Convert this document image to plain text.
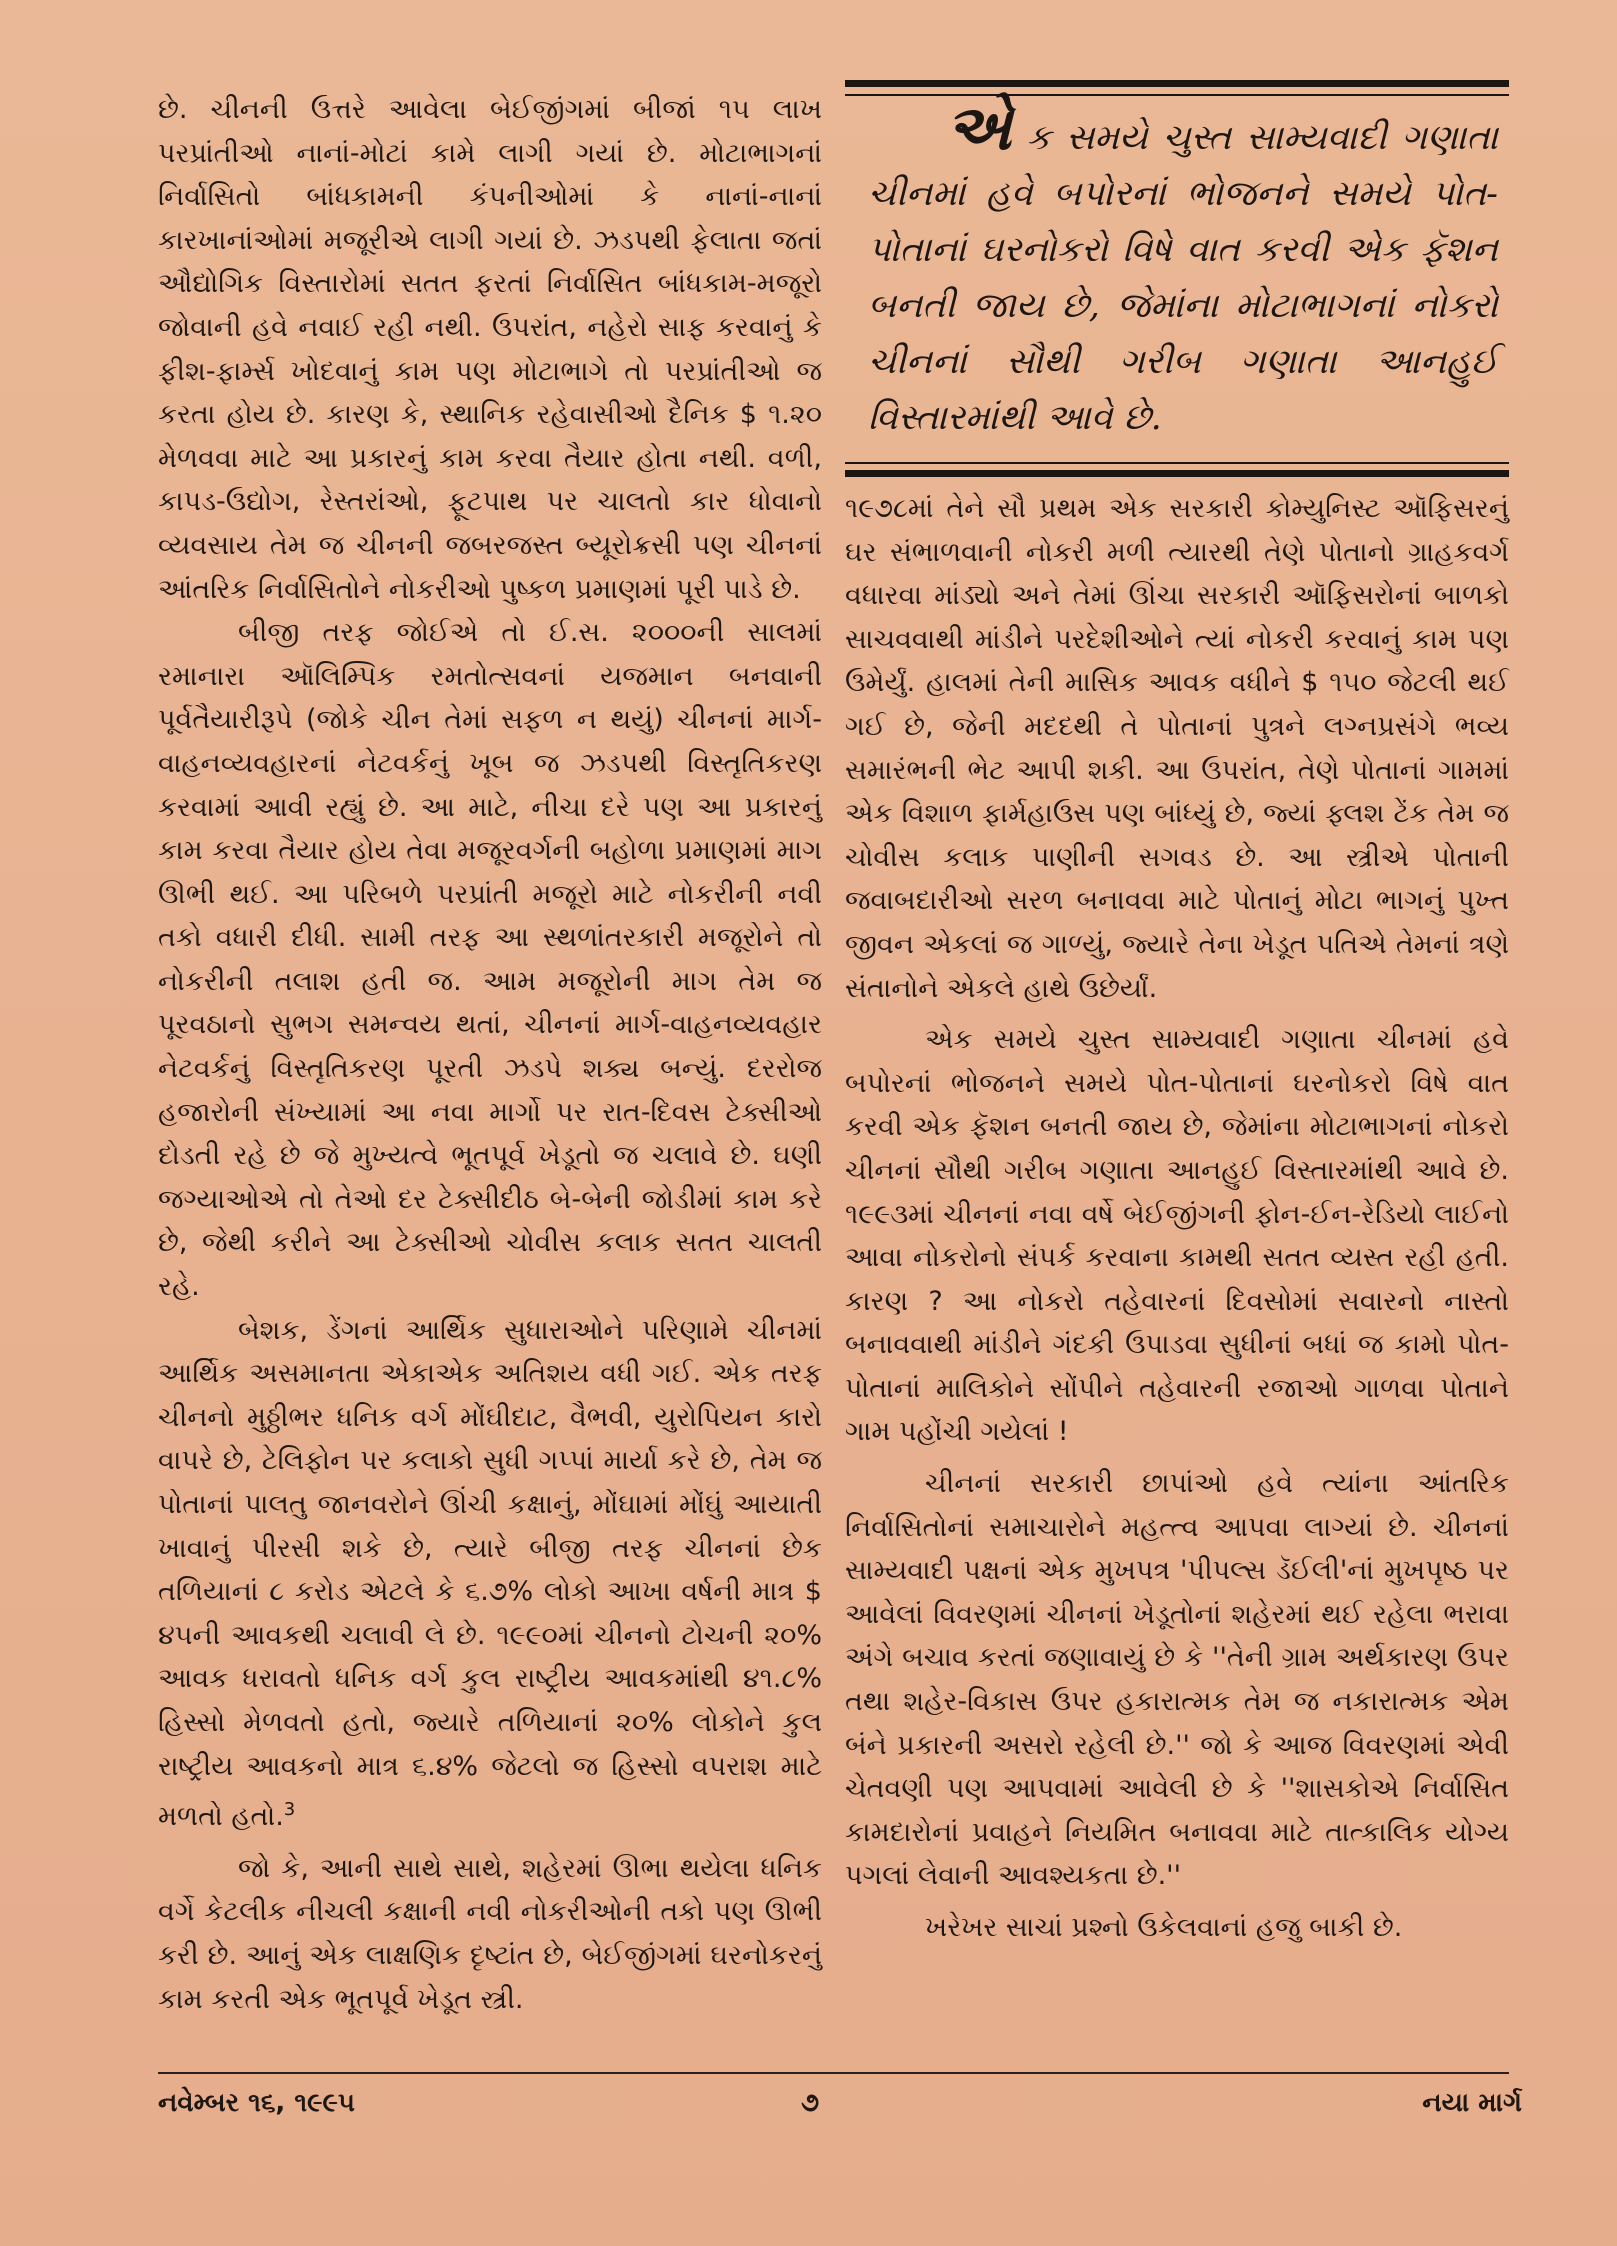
છે. ચીનની ઉત્તરે આવેલા બેઈજીંગમાં બીજાં ૧૫ લાખ પરપ્રાંતીઓ નાનાં-મોટાં કામે લાગી ગયાં છે. મોટાભાગનાં નિર્વાસિતો બાંધકામની કંપનીઓમાં કે નાનાં-નાનાં કારખાનાંઓમાં મજૂરીએ લાગી ગયાં છે. ઝડપથી ફેલાતા જતાં ઔદ્યોગિક વિસ્તારોમાં સતત ફરતાં નિર્વાસિત બાંધકામ-મજૂરો જોવાની હવે નવાઈ રહી નથી. ઉપરાંત, નહેરો સાફ કરવાનું કે ફીશ-ફાર્મ્સ ખોદવાનું કામ પણ મોટાભાગે તો પરપ્રાંતીઓ જ કરતા હોય છે. કારણ કે, સ્થાનિક રહેવાસીઓ દૈનિક $ ૧.૨૦ મેળવવા માટે આ પ્રકારનું કામ કરવા તૈયાર હોતા નથી. વળી, કાપડ-ઉદ્યોગ, રેસ્તરાંઓ, ફૂટપાથ પર ચાલતો કાર ધોવાનો વ્યવસાય તેમ જ ચીનની જબરજસ્ત બ્યૂરોક્રસી પણ ચીનનાં આંતરિક નિર્વાસિતોને નોકરીઓ પુષ્કળ પ્રમાણમાં પૂરી પાડે છે.

બીજી તરફ જોઈએ તો ઈ.સ. ૨૦૦૦ની સાલમાં રમાનારા ઑલિમ્પિક રમતોત્સવનાં યજમાન બનવાની પૂર્વતૈયારીરૂપે (જોકે ચીન તેમાં સફળ ન થયું) ચીનનાં માર્ગ-વાહનવ્યવહારનાં નેટવર્કનું ખૂબ જ ઝડપથી વિસ્તૃતિકરણ કરવામાં આવી રહ્યું છે. આ માટે, નીચા દરે પણ આ પ્રકારનું કામ કરવા તૈયાર હોય તેવા મજૂરવર્ગની બહોળા પ્રમાણમાં માગ ઊભી થઈ. આ પરિબળે પરપ્રાંતી મજૂરો માટે નોકરીની નવી તકો વધારી દીધી. સામી તરફ આ સ્થળાંતરકારી મજૂરોને તો નોકરીની તલાશ હતી જ. આમ મજૂરોની માગ તેમ જ પૂરવઠાનો સુભગ સમન્વય થતાં, ચીનનાં માર્ગ-વાહનવ્યવહાર નેટવર્કનું વિસ્તૃતિકરણ પૂરતી ઝડપે શક્ય બન્યું. દરરોજ હજારોની સંખ્યામાં આ નવા માર્ગો પર રાત-દિવસ ટેક્સીઓ દોડતી રહે છે જે મુખ્યત્વે ભૂતપૂર્વ ખેડૂતો જ ચલાવે છે. ઘણી જગ્યાઓએ તો તેઓ દર ટેક્સીદીઠ બે-બેની જોડીમાં કામ કરે છે, જેથી કરીને આ ટેક્સીઓ ચોવીસ કલાક સતત ચાલતી રહે.

બેશક, ડેંગનાં આર્થિક સુધારાઓને પરિણામે ચીનમાં આર્થિક અસમાનતા એકાએક અતિશય વધી ગઈ. એક તરફ ચીનનો મુઠ્ઠીભર ધનિક વર્ગ મોંઘીદાટ, વૈભવી, યુરોપિયન કારો વાપરે છે, ટેલિફોન પર કલાકો સુધી ગપ્પાં માર્યા કરે છે, તેમ જ પોતાનાં પાલતુ જાનવરોને ઊંચી કક્ષાનું, મોંઘામાં મોંઘું આયાતી ખાવાનું પીરસી શકે છે, ત્યારે બીજી તરફ ચીનનાં છેક તળિયાનાં ૮ કરોડ એટલે કે ૬.૭% લોકો આખા વર્ષની માત્ર $ ૪૫ની આવકથી ચલાવી લે છે. ૧૯૯૦માં ચીનનો ટોચની ૨૦% આવક ધરાવતો ધનિક વર્ગ કુલ રાષ્ટ્રીય આવકમાંથી ૪૧.૮% હિસ્સો મેળવતો હતો, જ્યારે તળિયાનાં ૨૦% લોકોને કુલ રાષ્ટ્રીય આવકનો માત્ર ૬.૪% જેટલો જ હિસ્સો વપરાશ માટે મળતો હતો.$^3$

જો કે, આની સાથે સાથે, શહેરમાં ઊભા થયેલા ધનિક વર્ગે કેટલીક નીચલી કક્ષાની નવી નોકરીઓની તકો પણ ઊભી કરી છે. આનું એક લાક્ષણિક દૃષ્ટાંત છે, બેઈજીંગમાં ઘરનોકરનું કામ કરતી એક ભૂતપૂર્વ ખેડૂત સ્ત્રી.

એ ક સમયે ચુસ્ત સામ્યવાદી ગણાતા ચીનમાં હવે બપોરનાં ભોજનને સમયે પોત-પોતાનાં ઘરનોકરો વિષે વાત કરવી એક ફૅશન બનતી જાય છે, જેમાંના મોટાભાગનાં નોકરો ચીનનાં સૌથી ગરીબ ગણાતા આનહુઈ વિસ્તારમાંથી આવે છે.

૧૯૭૮માં તેને સૌ પ્રથમ એક સરકારી કોમ્યુનિસ્ટ ઑફિસરનું ઘર સંભાળવાની નોકરી મળી ત્યારથી તેણે પોતાનો ગ્રાહકવર્ગ વધારવા માંડ્યો અને તેમાં ઊંચા સરકારી ઑફિસરોનાં બાળકો સાચવવાથી માંડીને પરદેશીઓને ત્યાં નોકરી કરવાનું કામ પણ ઉમેર્યું. હાલમાં તેની માસિક આવક વધીને $ ૧૫૦ જેટલી થઈ ગઈ છે, જેની મદદથી તે પોતાનાં પુત્રને લગ્નપ્રસંગે ભવ્ય સમારંભની ભેટ આપી શકી. આ ઉપરાંત, તેણે પોતાનાં ગામમાં એક વિશાળ ફાર્મહાઉસ પણ બાંધ્યું છે, જ્યાં ફ્લશ ટેંક તેમ જ ચોવીસ કલાક પાણીની સગવડ છે. આ સ્ત્રીએ પોતાની જવાબદારીઓ સરળ બનાવવા માટે પોતાનું મોટા ભાગનું પુખ્ત જીવન એકલાં જ ગાળ્યું, જ્યારે તેના ખેડૂત પતિએ તેમનાં ત્રણે સંતાનોને એકલે હાથે ઉછેર્યાં.

એક સમયે ચુસ્ત સામ્યવાદી ગણાતા ચીનમાં હવે બપોરનાં ભોજનને સમયે પોત-પોતાનાં ઘરનોકરો વિષે વાત કરવી એક ફૅશન બનતી જાય છે, જેમાંના મોટાભાગનાં નોકરો ચીનનાં સૌથી ગરીબ ગણાતા આનહુઈ વિસ્તારમાંથી આવે છે. ૧૯૯૩માં ચીનનાં નવા વર્ષે બેઈજીંગની ફોન-ઈન-રેડિયો લાઈનો આવા નોકરોનો સંપર્ક કરવાના કામથી સતત વ્યસ્ત રહી હતી. કારણ ? આ નોકરો તહેવારનાં દિવસોમાં સવારનો નાસ્તો બનાવવાથી માંડીને ગંદકી ઉપાડવા સુધીનાં બધાં જ કામો પોત-પોતાનાં માલિકોને સોંપીને તહેવારની રજાઓ ગાળવા પોતાને ગામ પહોંચી ગયેલાં !

ચીનનાં સરકારી છાપાંઓ હવે ત્યાંના આંતરિક નિર્વાસિતોનાં સમાચારોને મહત્ત્વ આપવા લાગ્યાં છે. ચીનનાં સામ્યવાદી પક્ષનાં એક મુખપત્ર 'પીપલ્સ ડૅઈલી'નાં મુખપૃષ્ઠ પર આવેલાં વિવરણમાં ચીનનાં ખેડૂતોનાં શહેરમાં થઈ રહેલા ભરાવા અંગે બચાવ કરતાં જણાવાયું છે કે ''તેની ગ્રામ અર્થકારણ ઉપર તથા શહેર-વિકાસ ઉપર હકારાત્મક તેમ જ નકારાત્મક એમ બંને પ્રકારની અસરો રહેલી છે.'' જો કે આજ વિવરણમાં એવી ચેતવણી પણ આપવામાં આવેલી છે કે ''શાસકોએ નિર્વાસિત કામદારોનાં પ્રવાહને નિયમિત બનાવવા માટે તાત્કાલિક યોગ્ય પગલાં લેવાની આવશ્યકતા છે.''

ખરેખર સાચાં પ્રશ્નો ઉકેલવાનાં હજુ બાકી છે.

નવેમ્બર ૧૬, ૧૯૯૫	૭	નયા માર્ગ
